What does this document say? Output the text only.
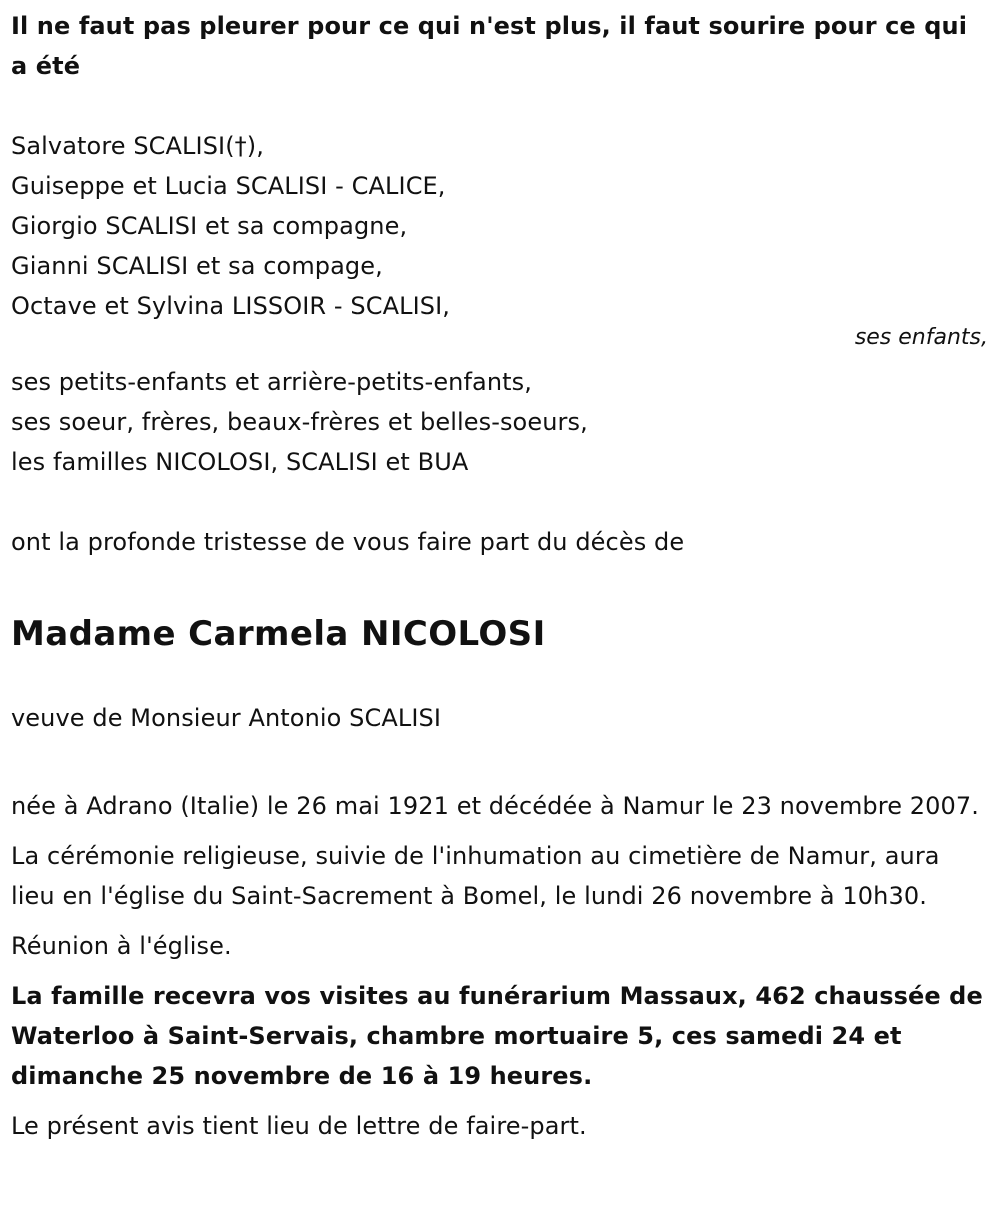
Il ne faut pas pleurer pour ce qui n'est plus, il faut sourire pour ce qui a été

Salvatore SCALISI(†),
Guiseppe et Lucia SCALISI - CALICE,
Giorgio SCALISI et sa compagne,
Gianni SCALISI et sa compage,
Octave et Sylvina LISSOIR - SCALISI,
ses enfants,
ses petits-enfants et arrière-petits-enfants,
ses soeur, frères, beaux-frères et belles-soeurs,
les familles NICOLOSI, SCALISI et BUA

ont la profonde tristesse de vous faire part du décès de

Madame Carmela NICOLOSI

veuve de Monsieur Antonio SCALISI

née à Adrano (Italie) le 26 mai 1921 et décédée à Namur le 23 novembre 2007.

La cérémonie religieuse, suivie de l'inhumation au cimetière de Namur, aura lieu en l'église du Saint-Sacrement à Bomel, le lundi 26 novembre à 10h30.

Réunion à l'église.

La famille recevra vos visites au funérarium Massaux, 462 chaussée de Waterloo à Saint-Servais, chambre mortuaire 5, ces samedi 24 et dimanche 25 novembre de 16 à 19 heures.

Le présent avis tient lieu de lettre de faire-part.
